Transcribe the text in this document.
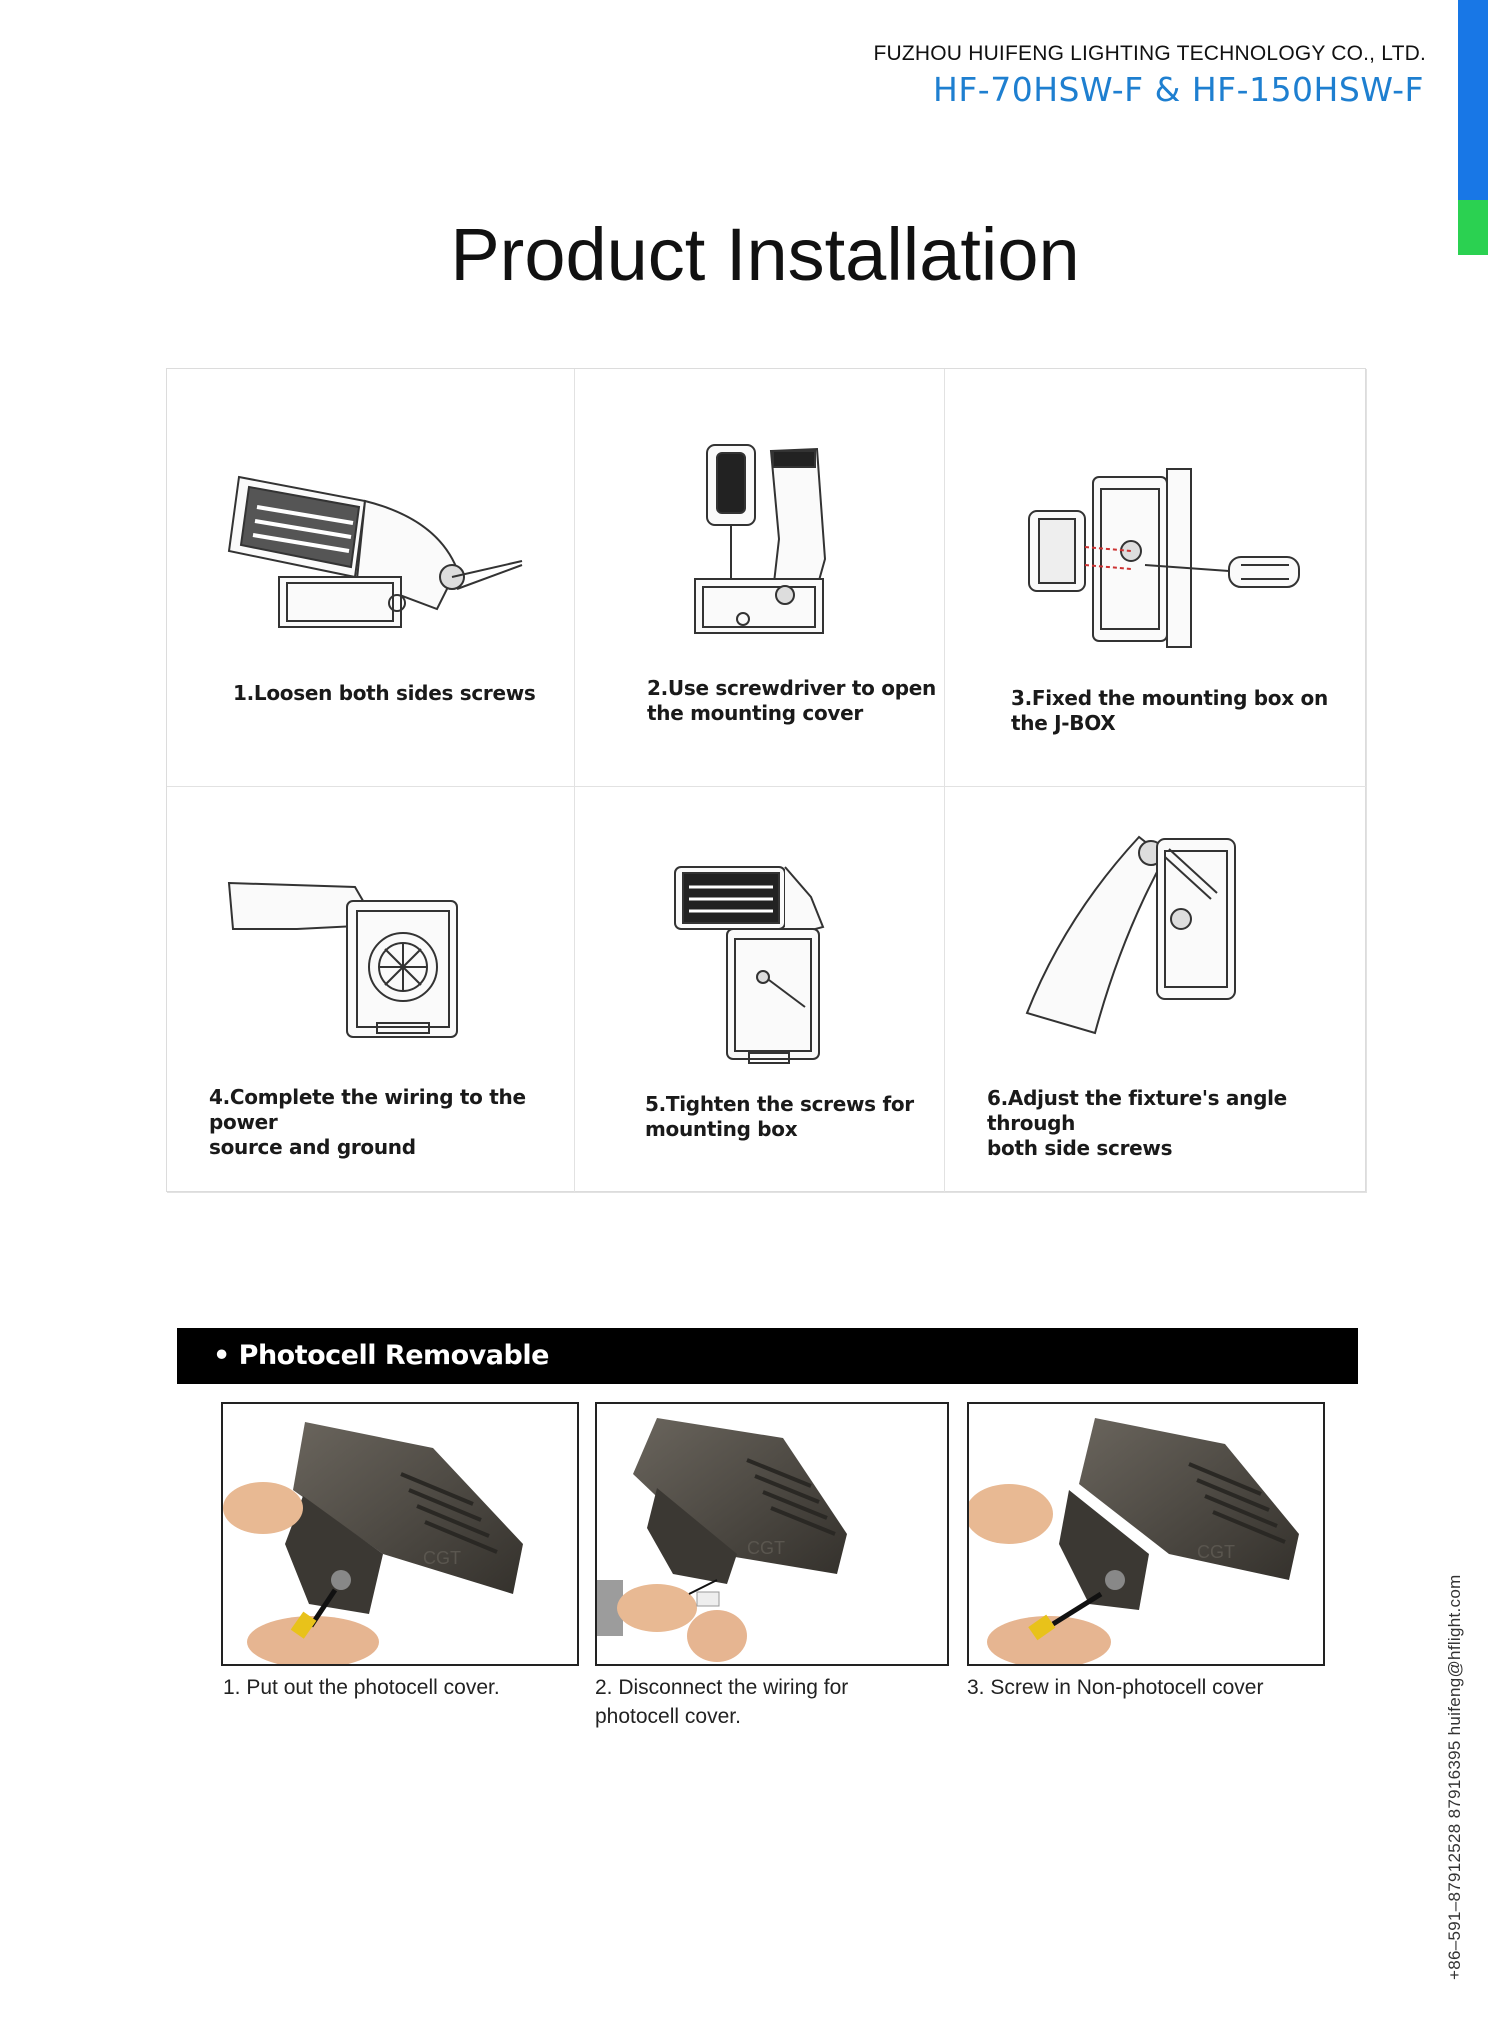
FUZHOU HUIFENG LIGHTING TECHNOLOGY CO., LTD.
HF-70HSW-F & HF-150HSW-F
Product Installation
1.Loosen both sides screws	2.Use screwdriver to open
the mounting cover
3.Fixed the mounting box on
the J-BOX
4.Complete the wiring to the power
source and ground
5.Tighten the screws for
mounting box
6.Adjust the fixture's angle through
both side screws
• Photocell Removable
CGT
1. Put out the photocell cover.
CGT
2. Disconnect the wiring for
photocell cover.
CGT
3. Screw in Non-photocell cover	+86–591–87912528 87916395 huifeng@hflight.com
